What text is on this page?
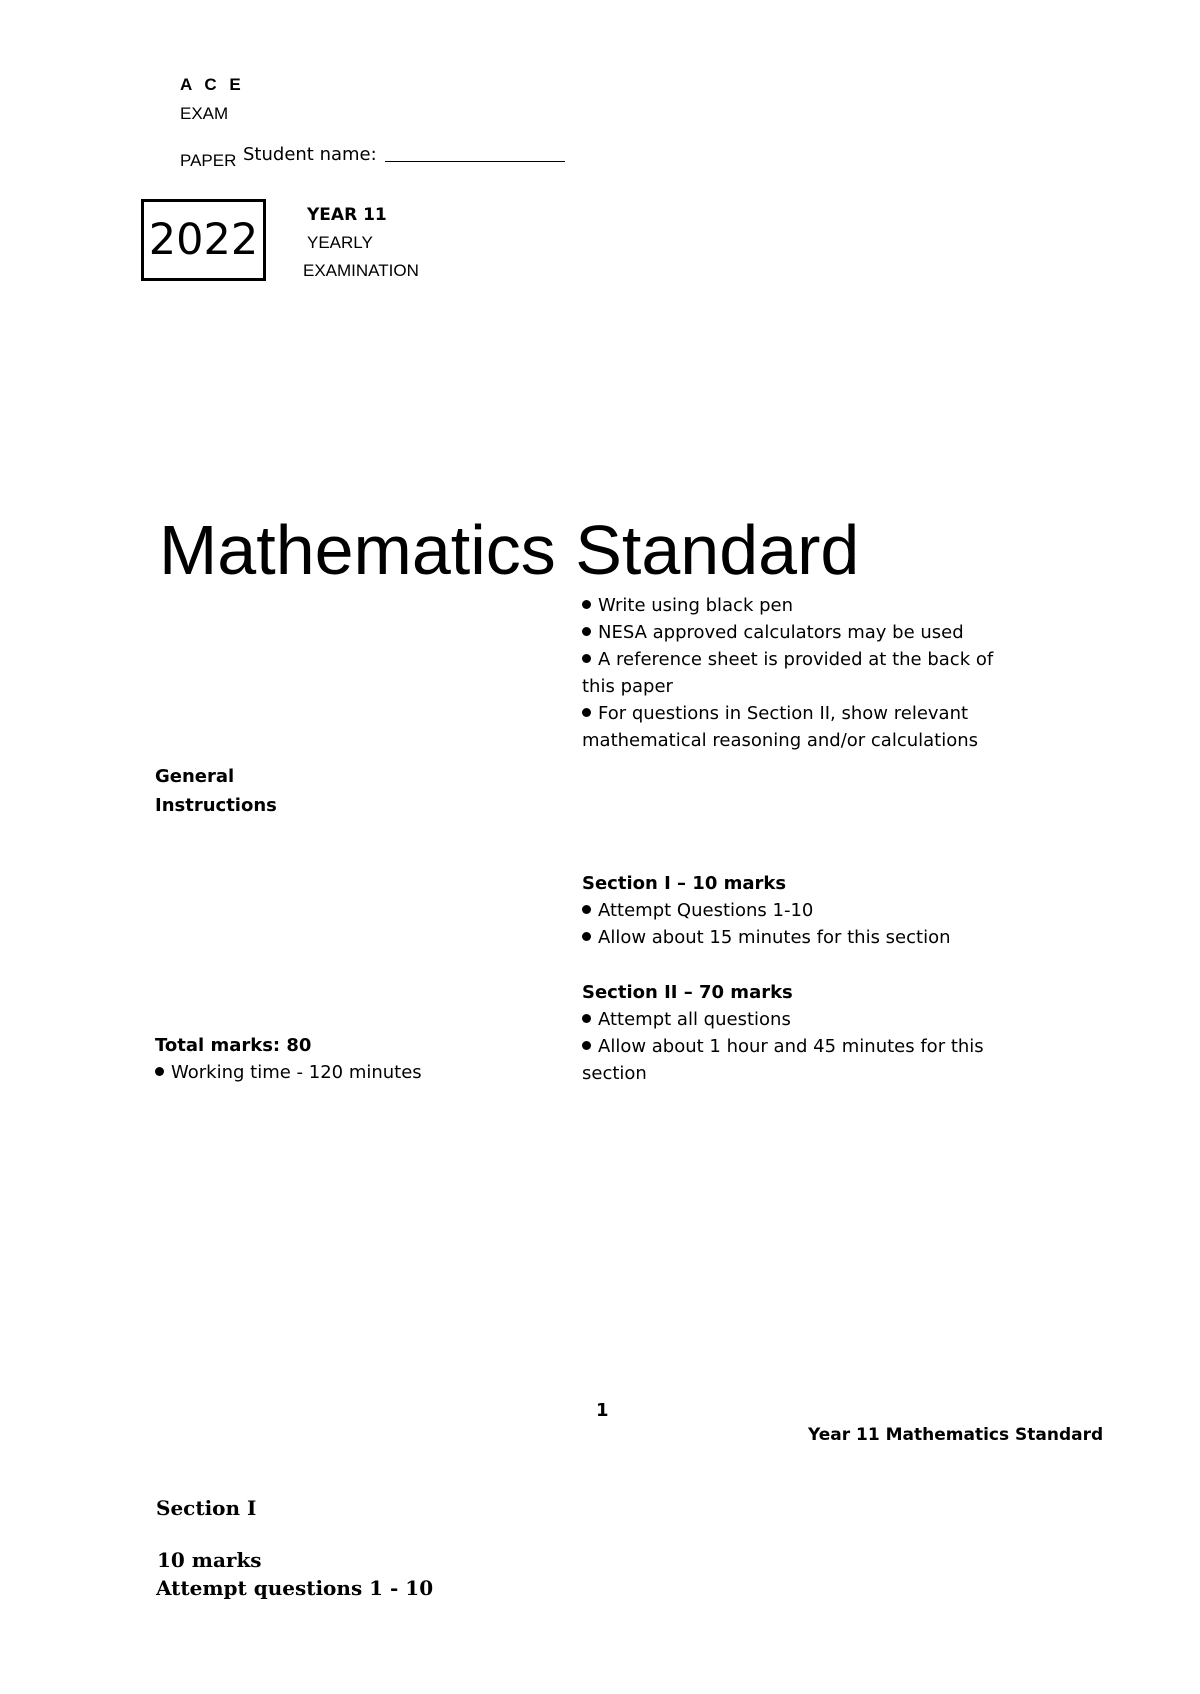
A C E
EXAM
PAPER Student name:
2022	YEAR 11
YEARLY
EXAMINATION
Mathematics Standard
General
Instructions
Write using black pen
NESA approved calculators may be used
A reference sheet is provided at the back of
this paper
For questions in Section II, show relevant
mathematical reasoning and/or calculations
Section I – 10 marks
Attempt Questions 1-10
Allow about 15 minutes for this section
Section II – 70 marks
Attempt all questions
Allow about 1 hour and 45 minutes for this
section
Total marks: 80
Working time - 120 minutes
1
Year 11 Mathematics Standard
Section I
10 marks
Attempt questions 1 - 10
